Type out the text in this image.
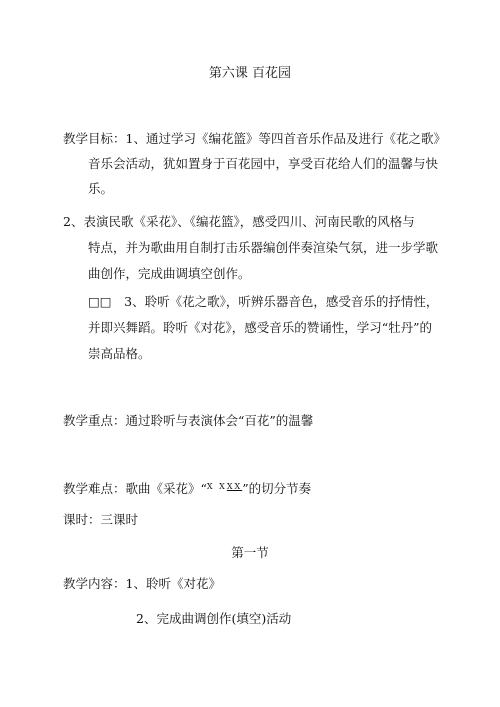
第六课 百花园
教学目标：1、通过学习《编花篮》等四首音乐作品及进行《花之歌》
音乐会活动，犹如置身于百花园中，享受百花给人们的温馨与快
乐。
2、表演民歌《采花》、《编花篮》，感受四川、河南民歌的风格与
特点，并为歌曲用自制打击乐器编创伴奏渲染气氛，进一步学歌
曲创作，完成曲调填空创作。
□□　3、聆听《花之歌》，听辨乐器音色，感受音乐的抒情性，
并即兴舞蹈。聆听《对花》，感受音乐的赞诵性，学习“牡丹”的
崇高品格。
教学重点：通过聆听与表演体会“百花”的温馨
教学难点：歌曲《采花》“$^{X XXX}$”的切分节奏
课时：三课时
第一节
教学内容：1、聆听《对花》
2、完成曲调创作(填空)活动
